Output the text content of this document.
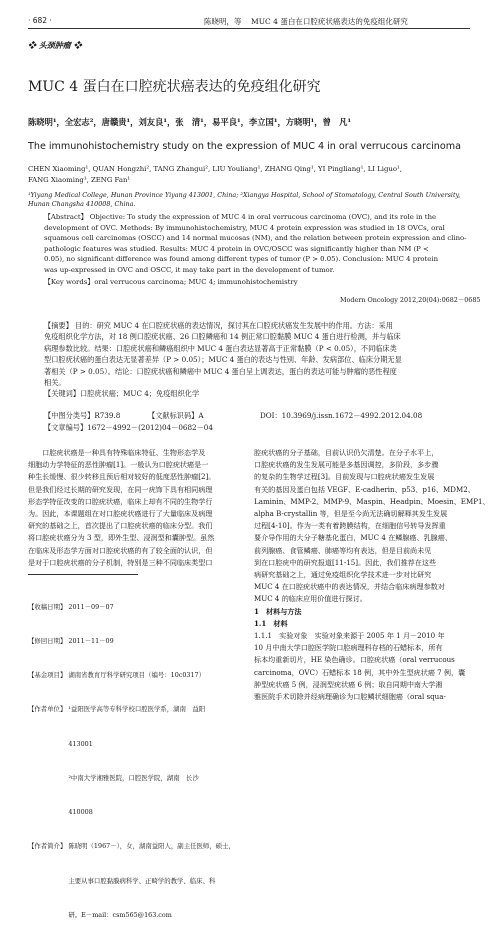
· 682 ·	陈晓明，等    MUC 4 蛋白在口腔疣状癌表达的免疫组化研究
❖ 头颈肿瘤 ❖
MUC 4 蛋白在口腔疣状癌表达的免疫组化研究
陈晓明¹，全宏志²，唐赣贵¹，刘友良¹，张　清¹，易平良¹，李立国¹，方晓明¹，曾　凡¹
The immunohistochemistry study on the expression of MUC 4 in oral verrucous carcinoma
CHEN Xiaoming¹, QUAN Hongzhi², TANG Zhangui², LIU Youliang¹, ZHANG Qing¹, YI Pingliang¹, LI Liguo¹,
FANG Xiaoming¹, ZENG Fan¹
¹Yiyang Medical College, Hunan Province Yiyang 413001, China; ²Xiangya Hospital, School of Stomatology, Central South University,
Hunan Changsha 410008, China.
【Abstract】 Objective: To study the expression of MUC 4 in oral verrucous carcinoma (OVC), and its role in the
development of OVC. Methods: By immunohistochemistry, MUC 4 protein expression was studied in 18 OVCs, oral
squamous cell carcinomas (OSCC) and 14 normal mucosas (NM), and the relation between protein expression and clino-
pathologic features was studied. Results: MUC 4 protein in OVC/OSCC was significantly higher than NM (P <
0.05), no significant difference was found among different types of tumor (P > 0.05). Conclusion: MUC 4 protein
was up-expressed in OVC and OSCC, it may take part in the development of tumor.
【Key words】oral verrucous carcinoma; MUC 4; immunohistochemistry
Modern Oncology 2012,20(04):0682－0685
【摘要】 目的：研究 MUC 4 在口腔疣状癌的表达情况，探讨其在口腔疣状癌发生发展中的作用。方法：采用
免疫组织化学方法，对 18 例口腔疣状癌、26 口腔鳞癌和 14 例正常口腔黏膜 MUC 4 蛋白进行检测，并与临床
病理参数比较。结果：口腔疣状癌和鳞癌组织中 MUC 4 蛋白表达显著高于正常黏膜（P < 0.05），不同临床类
型口腔疣状癌的蛋白表达无显著差异（P > 0.05）；MUC 4 蛋白的表达与性别、年龄、发病部位、临床分期无显
著相关（P > 0.05）。结论：口腔疣状癌和鳞癌中 MUC 4 蛋白呈上调表达，蛋白的表达可能与肿瘤的恶性程度
相关。
【关键词】口腔疣状癌；MUC 4；免疫组织化学
【中图分类号】R739.8	【文献标识码】A	DOI：10.3969/j.issn.1672－4992.2012.04.08
【文章编号】1672－4992－(2012)04－0682－04
　　口腔疣状癌是一种具有特殊临床特征、生物形态学及
细胞动力学特征的恶性肿瘤[1]。一般认为口腔疣状癌是一
种生长缓慢、很少转移且预后相对较好的低度恶性肿瘤[2]。
但是我们经过长期的研究发现，在同一疣饰下具有相同病理
形态学特征改变的口腔疣状癌，临床上却有不同的生物学行
为。因此，本课题组在对口腔疣状癌进行了大量临床及病理
研究的基础之上，首次提出了口腔疣状癌的临床分型。我们
将口腔疣状癌分为 3 型，即外生型、浸润型和囊肿型。虽然
在临床及形态学方面对口腔疣状癌的有了较全面的认识，但
是对于口腔疣状癌的分子机制，特别是三种不同临床类型口

【收稿日期】 2011－09－07

【修回日期】 2011－11－09

【基金项目】 湖南省教育厅科学研究项目（编号：10c0317）

【作者单位】 ¹益阳医学高等专科学校口腔医学系，湖南　益阳

　　　　　　 413001

　　　　　　 ²中南大学湘雅医院，口腔医学院，湖南　长沙

　　　　　　 410008

【作者简介】 陈晓明（1967－），女，湖南益阳人，副主任医师，硕士，

　　　　　　 主要从事口腔黏膜病科学、正畸学的教学、临床、科

　　　　　　 研。E－mail：csm565@163.com

腔疣状癌的分子基础，目前认识仍欠清楚。在分子水平上，
口腔疣状癌的发生发展可能是多基因调控，多阶段，多步骤
的复杂的生物学过程[3]。目前发现与口腔疣状癌发生发展
有关的基因及蛋白包括 VEGF、E-cadherin、p53、p16、MDM2、
Laminin、MMP-2、MMP-9、Maspin、Headpin、Moesin、EMP1、
alpha B-crystallin 等，但是至今尚无法确切解释其发生发展
过程[4-10]。作为一类有着跨膜结构，在细胞信号转导发挥重
要介导作用的大分子糖基化蛋白，MUC 4 在鳞腺癌、乳腺癌、
前列腺癌、食管鳞癌、肺癌等均有表达，但是目前尚未见
到在口腔疣中的研究报道[11-15]。因此，我们推荐在这些
病研究基础之上，通过免疫组织化学技术进一步对比研究
MUC 4 在口腔疣状癌中的表达情况，并结合临床病理参数对
MUC 4 的临床应用价值进行探讨。
1　材料与方法
1.1　材料
1.1.1　实验对象　实验对象来源于 2005 年 1 月－2010 年
10 月中南大学口腔医学院口腔病理科存档的石蜡标本，所有
标本均重新切片，HE 染色确诊。口腔疣状癌（oral verrucous
carcinoma，OVC）石蜡标本 18 例，其中外生型疣状癌 7 例，囊
肿型疣状癌 5 例，浸润型疣状癌 6 例；取自同期中南大学湘
雅医院手术切除并经病理确诊为口腔鳞状细胞癌（oral squa-
